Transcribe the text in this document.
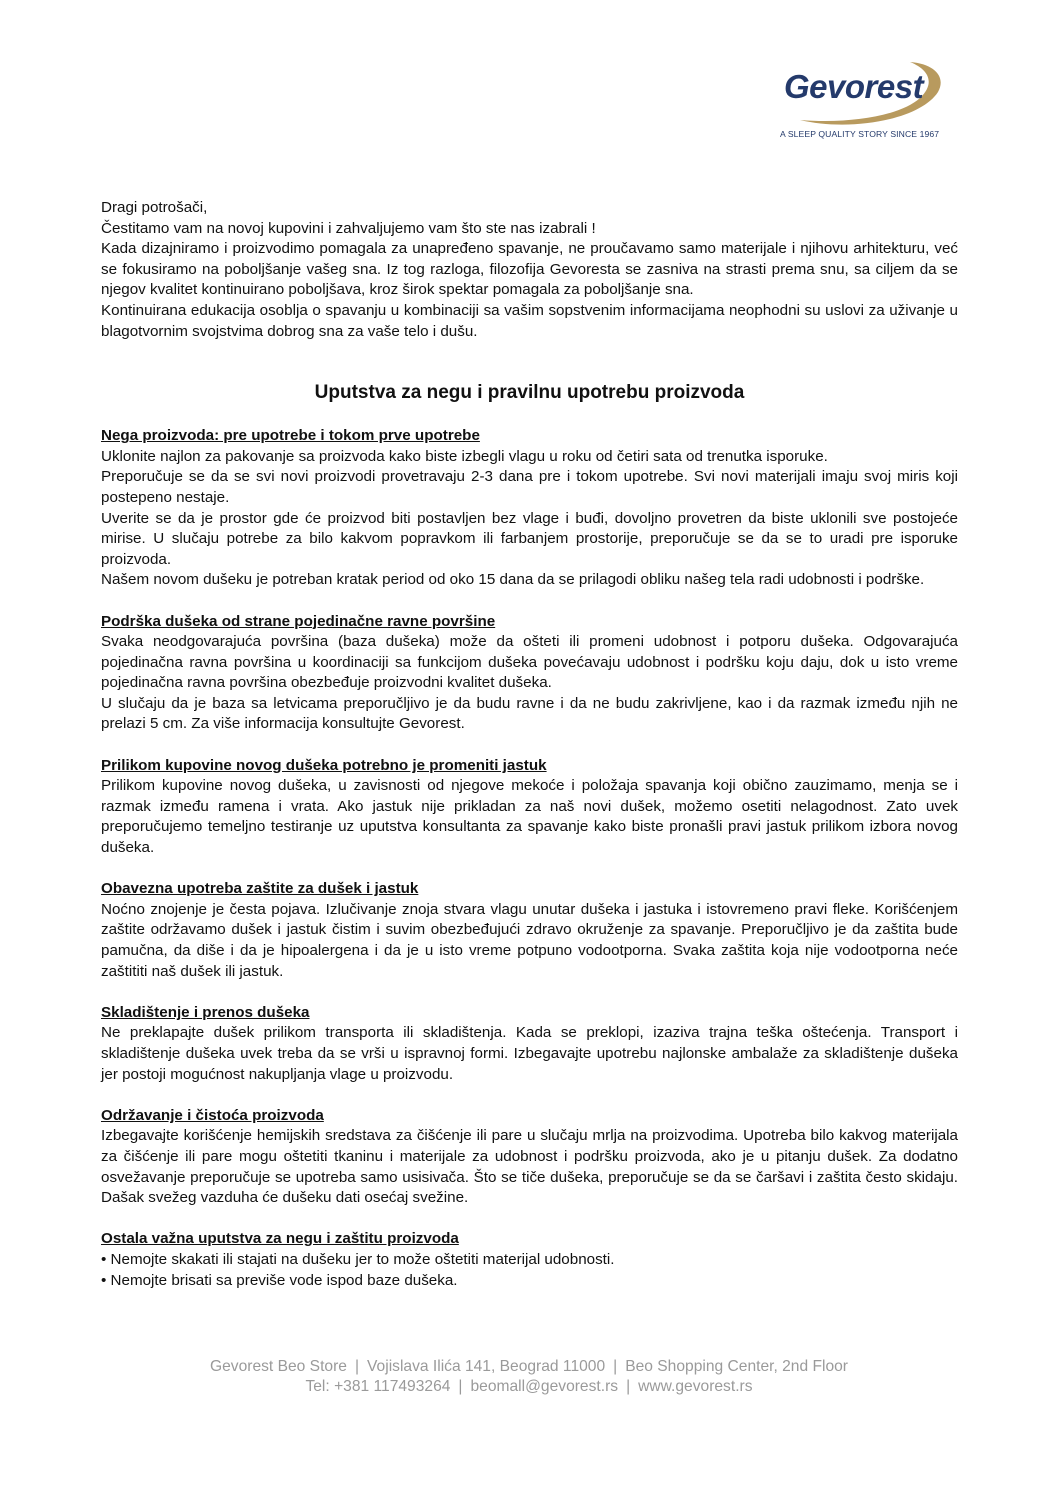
Gevorest
A SLEEP QUALITY STORY SINCE 1967

Dragi potrošači,

Čestitamo vam na novoj kupovini i zahvaljujemo vam što ste nas izabrali !

Kada dizajniramo i proizvodimo pomagala za unapređeno spavanje, ne proučavamo samo materijale i njihovu arhitekturu, već se fokusiramo na poboljšanje vašeg sna. Iz tog razloga, filozofija Gevoresta se zasniva na strasti prema snu, sa ciljem da se njegov kvalitet kontinuirano poboljšava, kroz širok spektar pomagala za poboljšanje sna.

Kontinuirana edukacija osoblja o spavanju u kombinaciji sa vašim sopstvenim informacijama neophodni su uslovi za uživanje u blagotvornim svojstvima dobrog sna za vaše telo i dušu.

Uputstva za negu i pravilnu upotrebu proizvoda
Nega proizvoda: pre upotrebe i tokom prve upotrebe

Uklonite najlon za pakovanje sa proizvoda kako biste izbegli vlagu u roku od četiri sata od trenutka isporuke.

Preporučuje se da se svi novi proizvodi provetravaju 2-3 dana pre i tokom upotrebe. Svi novi materijali imaju svoj miris koji postepeno nestaje.

Uverite se da je prostor gde će proizvod biti postavljen bez vlage i buđi, dovoljno provetren da biste uklonili sve postojeće mirise. U slučaju potrebe za bilo kakvom popravkom ili farbanjem prostorije, preporučuje se da se to uradi pre isporuke proizvoda.

Našem novom dušeku je potreban kratak period od oko 15 dana da se prilagodi obliku našeg tela radi udobnosti i podrške.

Podrška dušeka od strane pojedinačne ravne površine

Svaka neodgovarajuća površina (baza dušeka) može da ošteti ili promeni udobnost i potporu dušeka. Odgovarajuća pojedinačna ravna površina u koordinaciji sa funkcijom dušeka povećavaju udobnost i podršku koju daju, dok u isto vreme pojedinačna ravna površina obezbeđuje proizvodni kvalitet dušeka.

U slučaju da je baza sa letvicama preporučljivo je da budu ravne i da ne budu zakrivljene, kao i da razmak između njih ne prelazi 5 cm. Za više informacija konsultujte Gevorest.

Prilikom kupovine novog dušeka potrebno je promeniti jastuk

Prilikom kupovine novog dušeka, u zavisnosti od njegove mekoće i položaja spavanja koji obično zauzimamo, menja se i razmak između ramena i vrata. Ako jastuk nije prikladan za naš novi dušek, možemo osetiti nelagodnost. Zato uvek preporučujemo temeljno testiranje uz uputstva konsultanta za spavanje kako biste pronašli pravi jastuk prilikom izbora novog dušeka.

Obavezna upotreba zaštite za dušek i jastuk

Noćno znojenje je česta pojava. Izlučivanje znoja stvara vlagu unutar dušeka i jastuka i istovremeno pravi fleke. Korišćenjem zaštite održavamo dušek i jastuk čistim i suvim obezbeđujući zdravo okruženje za spavanje. Preporučljivo je da zaštita bude pamučna, da diše i da je hipoalergena i da je u isto vreme potpuno vodootporna. Svaka zaštita koja nije vodootporna neće zaštititi naš dušek ili jastuk.

Skladištenje i prenos dušeka

Ne preklapajte dušek prilikom transporta ili skladištenja. Kada se preklopi, izaziva trajna teška oštećenja. Transport i skladištenje dušeka uvek treba da se vrši u ispravnoj formi. Izbegavajte upotrebu najlonske ambalaže za skladištenje dušeka jer postoji mogućnost nakupljanja vlage u proizvodu.

Održavanje i čistoća proizvoda

Izbegavajte korišćenje hemijskih sredstava za čišćenje ili pare u slučaju mrlja na proizvodima. Upotreba bilo kakvog materijala za čišćenje ili pare mogu oštetiti tkaninu i materijale za udobnost i podršku proizvoda, ako je u pitanju dušek. Za dodatno osvežavanje preporučuje se upotreba samo usisivača. Što se tiče dušeka, preporučuje se da se čaršavi i zaštita često skidaju. Dašak svežeg vazduha će dušeku dati osećaj svežine.

Ostala važna uputstva za negu i zaštitu proizvoda
• Nemojte skakati ili stajati na dušeku jer to može oštetiti materijal udobnosti.
• Nemojte brisati sa previše vode ispod baze dušeka.
Gevorest Beo Store | Vojislava Ilića 141, Beograd 11000 | Beo Shopping Center, 2nd Floor
Tel: +381 117493264 | beomall@gevorest.rs | www.gevorest.rs
